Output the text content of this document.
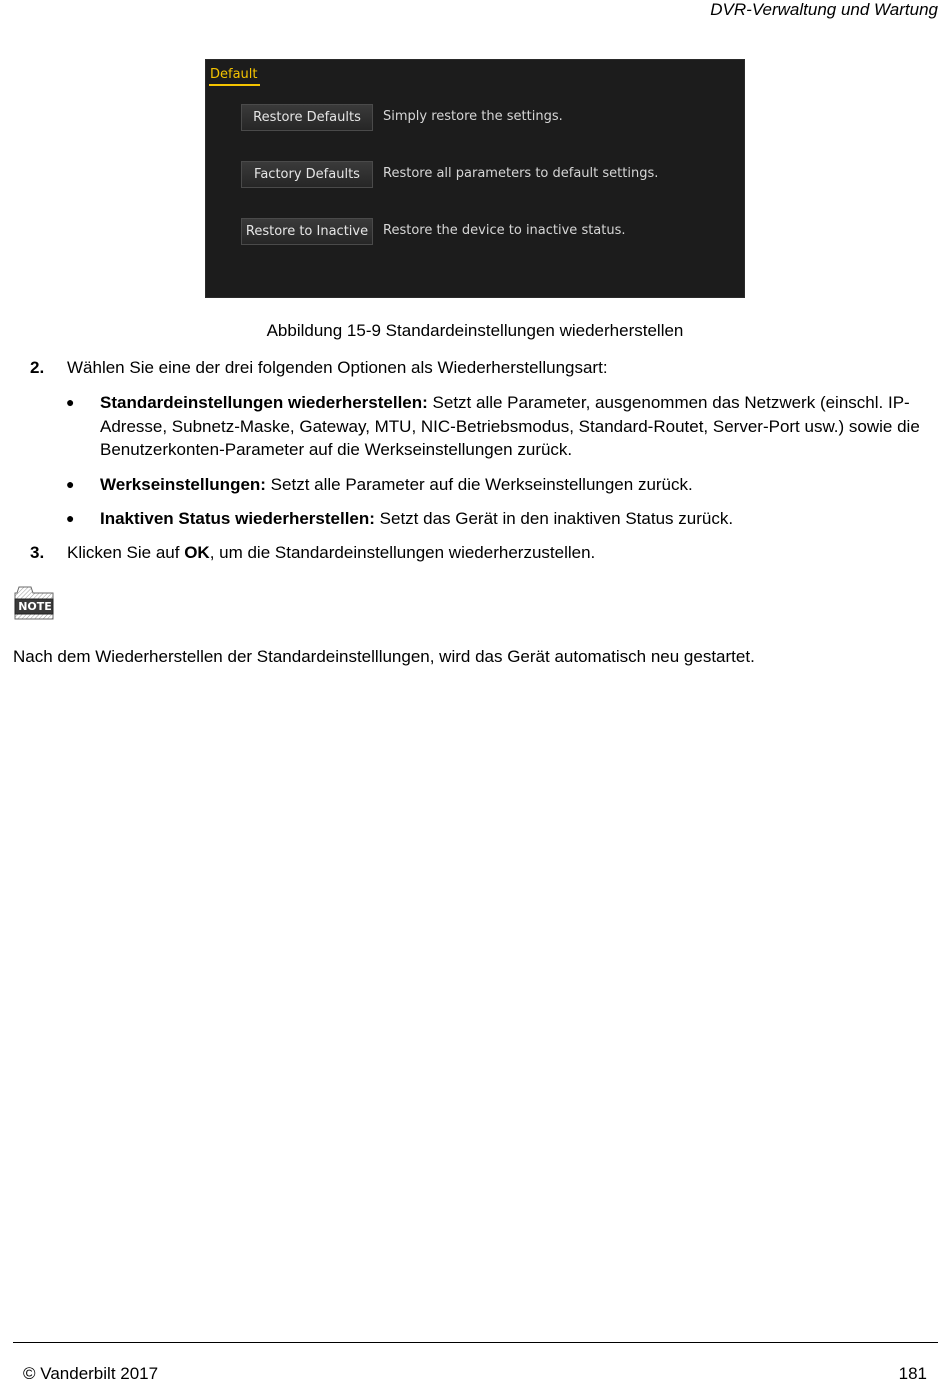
DVR-Verwaltung und Wartung
Default
Restore Defaults	Simply restore the settings.
Factory Defaults	Restore all parameters to default settings.
Restore to Inactive	Restore the device to inactive status.
Abbildung 15-9 Standardeinstellungen wiederherstellen
2. Wählen Sie eine der drei folgenden Optionen als Wiederherstellungsart:
● Standardeinstellungen wiederherstellen: Setzt alle Parameter, ausgenommen das Netzwerk (einschl. IP-Adresse, Subnetz-Maske, Gateway, MTU, NIC-Betriebsmodus, Standard-Routet, Server-Port usw.) sowie die Benutzerkonten-Parameter auf die Werkseinstellungen zurück.
● Werkseinstellungen: Setzt alle Parameter auf die Werkseinstellungen zurück.
● Inaktiven Status wiederherstellen: Setzt das Gerät in den inaktiven Status zurück.
3. Klicken Sie auf OK, um die Standardeinstellungen wiederherzustellen.
NOTE
Nach dem Wiederherstellen der Standardeinstelllungen, wird das Gerät automatisch neu gestartet.
© Vanderbilt 2017	181
